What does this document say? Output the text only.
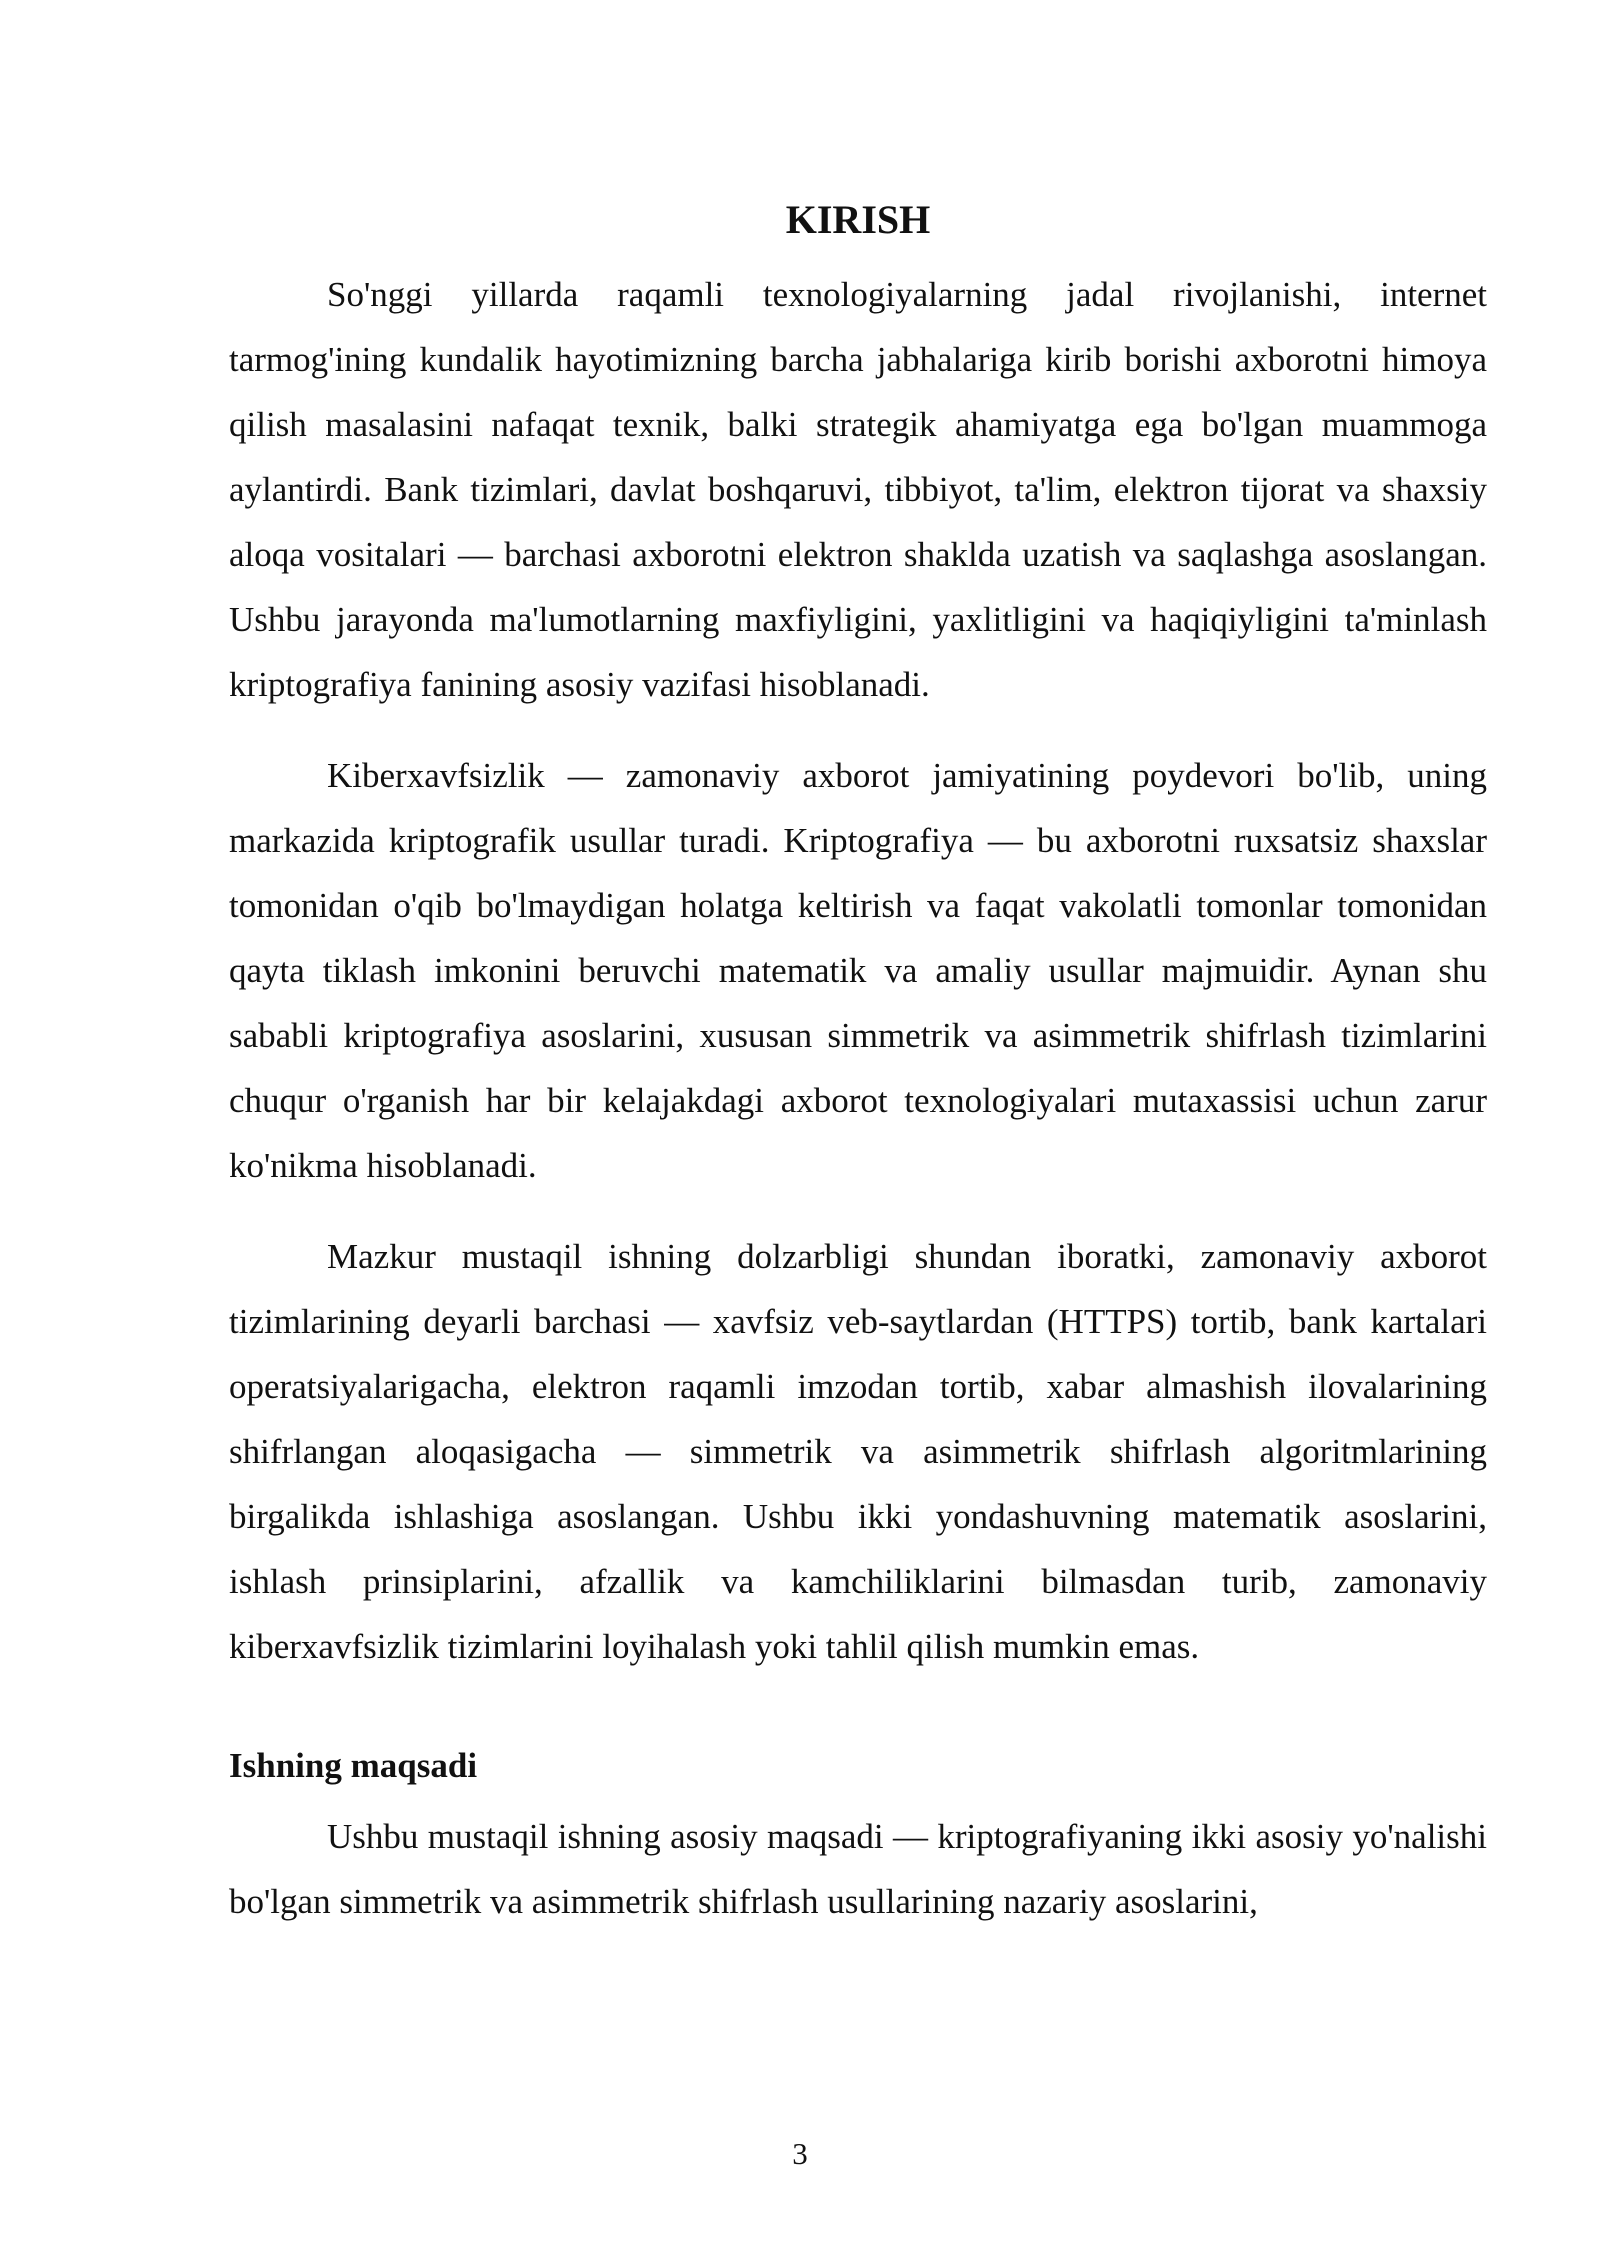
KIRISH

So'nggi yillarda raqamli texnologiyalarning jadal rivojlanishi, internet tarmog'ining kundalik hayotimizning barcha jabhalariga kirib borishi axborotni himoya qilish masalasini nafaqat texnik, balki strategik ahamiyatga ega bo'lgan muammoga aylantirdi. Bank tizimlari, davlat boshqaruvi, tibbiyot, ta'lim, elektron tijorat va shaxsiy aloqa vositalari — barchasi axborotni elektron shaklda uzatish va saqlashga asoslangan. Ushbu jarayonda ma'lumotlarning maxfiyligini, yaxlitligini va haqiqiyligini ta'minlash kriptografiya fanining asosiy vazifasi hisoblanadi.

Kiberxavfsizlik — zamonaviy axborot jamiyatining poydevori bo'lib, uning markazida kriptografik usullar turadi. Kriptografiya — bu axborotni ruxsatsiz shaxslar tomonidan o'qib bo'lmaydigan holatga keltirish va faqat vakolatli tomonlar tomonidan qayta tiklash imkonini beruvchi matematik va amaliy usullar majmuidir. Aynan shu sababli kriptografiya asoslarini, xususan simmetrik va asimmetrik shifrlash tizimlarini chuqur o'rganish har bir kelajakdagi axborot texnologiyalari mutaxassisi uchun zarur ko'nikma hisoblanadi.

Mazkur mustaqil ishning dolzarbligi shundan iboratki, zamonaviy axborot tizimlarining deyarli barchasi — xavfsiz veb-saytlardan (HTTPS) tortib, bank kartalari operatsiyalarigacha, elektron raqamli imzodan tortib, xabar almashish ilovalarining shifrlangan aloqasigacha — simmetrik va asimmetrik shifrlash algoritmlarining birgalikda ishlashiga asoslangan. Ushbu ikki yondashuvning matematik asoslarini, ishlash prinsiplarini, afzallik va kamchiliklarini bilmasdan turib, zamonaviy kiberxavfsizlik tizimlarini loyihalash yoki tahlil qilish mumkin emas.

Ishning maqsadi

Ushbu mustaqil ishning asosiy maqsadi — kriptografiyaning ikki asosiy yo'nalishi bo'lgan simmetrik va asimmetrik shifrlash usullarining nazariy asoslarini,

3
